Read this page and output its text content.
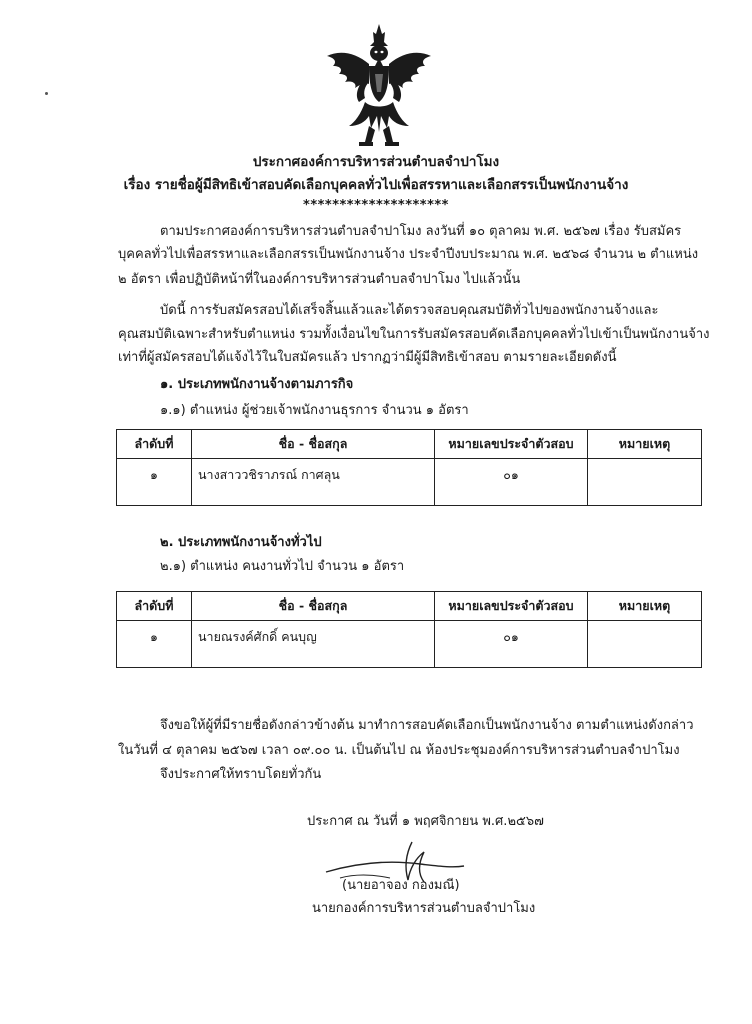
ประกาศองค์การบริหารส่วนตำบลจำปาโมง
เรื่อง รายชื่อผู้มีสิทธิเข้าสอบคัดเลือกบุคคลทั่วไปเพื่อสรรหาและเลือกสรรเป็นพนักงานจ้าง
********************
ตามประกาศองค์การบริหารส่วนตำบลจำปาโมง ลงวันที่ ๑๐ ตุลาคม พ.ศ. ๒๕๖๗ เรื่อง รับสมัคร
บุคคลทั่วไปเพื่อสรรหาและเลือกสรรเป็นพนักงานจ้าง ประจำปีงบประมาณ พ.ศ. ๒๕๖๘ จำนวน ๒ ตำแหน่ง
๒ อัตรา เพื่อปฏิบัติหน้าที่ในองค์การบริหารส่วนตำบลจำปาโมง ไปแล้วนั้น
บัดนี้ การรับสมัครสอบได้เสร็จสิ้นแล้วและได้ตรวจสอบคุณสมบัติทั่วไปของพนักงานจ้างและ
คุณสมบัติเฉพาะสำหรับตำแหน่ง รวมทั้งเงื่อนไขในการรับสมัครสอบคัดเลือกบุคคลทั่วไปเข้าเป็นพนักงานจ้าง
เท่าที่ผู้สมัครสอบได้แจ้งไว้ในใบสมัครแล้ว ปรากฏว่ามีผู้มีสิทธิเข้าสอบ ตามรายละเอียดดังนี้
๑. ประเภทพนักงานจ้างตามภารกิจ
๑.๑) ตำแหน่ง ผู้ช่วยเจ้าพนักงานธุรการ จำนวน ๑ อัตรา
ลำดับที่	ชื่อ - ชื่อสกุล	หมายเลขประจำตัวสอบ	หมายเหตุ
๑	นางสาววชิราภรณ์ กาศลุน	๐๑	
๒. ประเภทพนักงานจ้างทั่วไป
๒.๑) ตำแหน่ง คนงานทั่วไป จำนวน ๑ อัตรา
ลำดับที่	ชื่อ - ชื่อสกุล	หมายเลขประจำตัวสอบ	หมายเหตุ
๑	นายณรงค์ศักดิ์ คนบุญ	๐๑	
จึงขอให้ผู้ที่มีรายชื่อดังกล่าวข้างต้น มาทำการสอบคัดเลือกเป็นพนักงานจ้าง ตามตำแหน่งดังกล่าว
ในวันที่ ๔ ตุลาคม ๒๕๖๗ เวลา ๐๙.๐๐ น. เป็นต้นไป ณ ห้องประชุมองค์การบริหารส่วนตำบลจำปาโมง
จึงประกาศให้ทราบโดยทั่วกัน
ประกาศ ณ วันที่ ๑ พฤศจิกายน พ.ศ.๒๕๖๗
(นายอาจอง กองมณี)
นายกองค์การบริหารส่วนตำบลจำปาโมง
